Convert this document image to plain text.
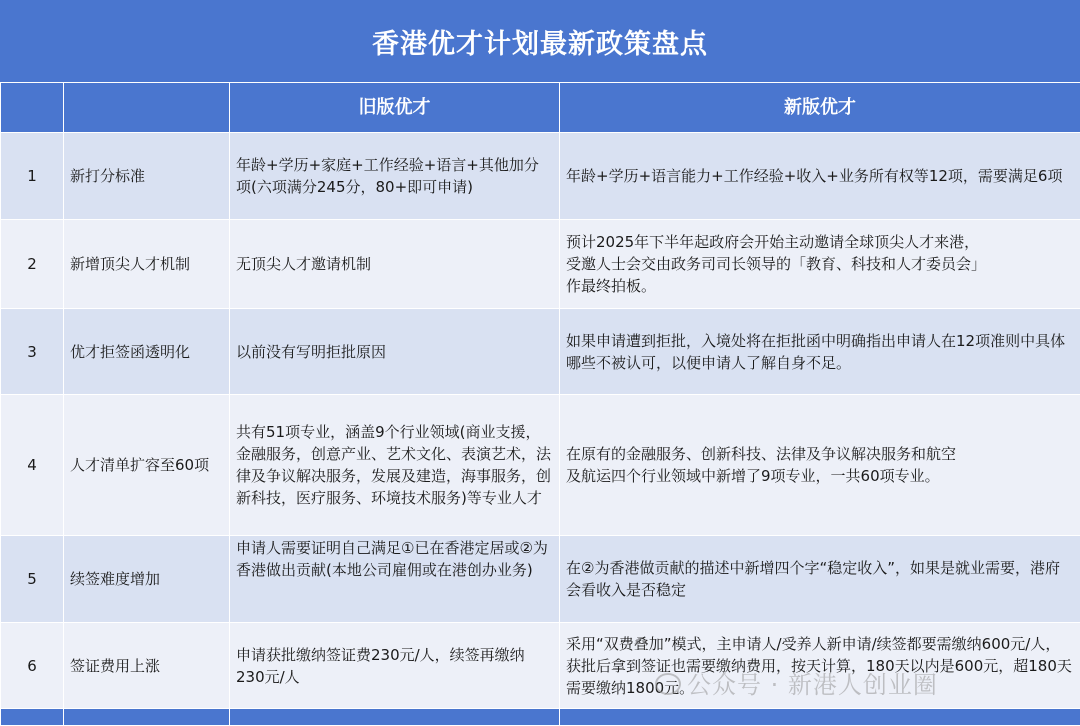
香港优才计划最新政策盘点
		旧版优才	新版优才
1	新打分标准	年龄+学历+家庭+工作经验+语言+其他加分项(六项满分245分，80+即可申请)	年龄+学历+语言能力+工作经验+收入+业务所有权等12项，需要满足6项
2	新增顶尖人才机制	无顶尖人才邀请机制	预计2025年下半年起政府会开始主动邀请全球顶尖人才来港，受邀人士会交由政务司司长领导的「教育、科技和人才委员会」作最终拍板。
3	优才拒签函透明化	以前没有写明拒批原因	如果申请遭到拒批，入境处将在拒批函中明确指出申请人在12项准则中具体哪些不被认可，以便申请人了解自身不足。
4	人才清单扩容至60项	共有51项专业，涵盖9个行业领域(商业支援，金融服务，创意产业、艺术文化、表演艺术，法律及争议解决服务，发展及建造，海事服务，创新科技，医疗服务、环境技术服务)等专业人才	在原有的金融服务、创新科技、法律及争议解决服务和航空及航运四个行业领域中新增了9项专业，一共60项专业。
5	续签难度增加	申请人需要证明自己满足①已在香港定居或②为香港做出贡献(本地公司雇佣或在港创办业务)	在②为香港做贡献的描述中新增四个字“稳定收入”，如果是就业需要，港府会看收入是否稳定
6	签证费用上涨	申请获批缴纳签证费230元/人，续签再缴纳230元/人	采用“双费叠加”模式，主申请人/受养人新申请/续签都要需缴纳600元/人，获批后拿到签证也需要缴纳费用，按天计算，180天以内是600元，超180天需要缴纳1800元。

公众号 · 新港人创业圈
